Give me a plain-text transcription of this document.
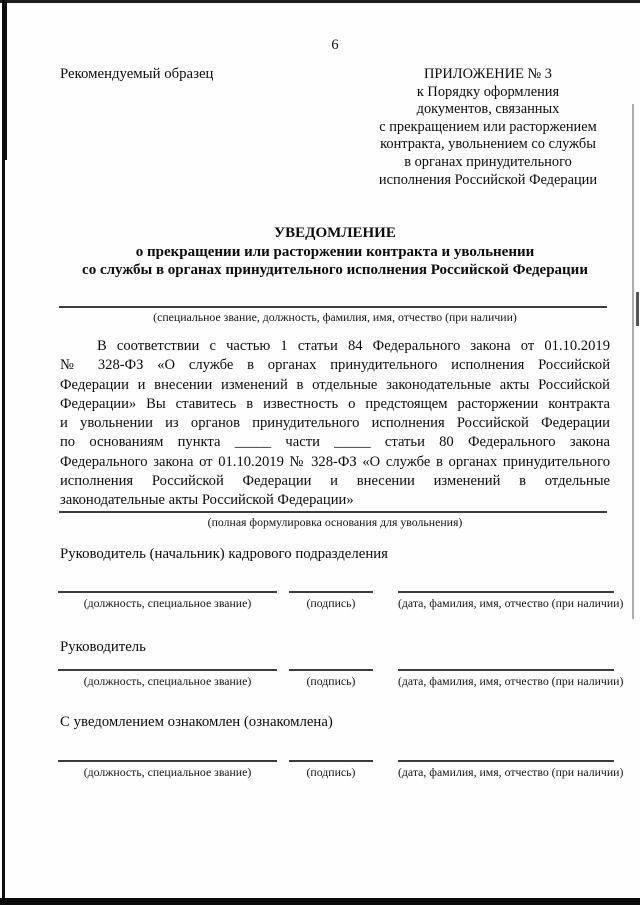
6
Рекомендуемый образец	ПРИЛОЖЕНИЕ № 3
к Порядку оформления
документов, связанных
с прекращением или расторжением
контракта, увольнением со службы
в органах принудительного
исполнения Российской Федерации
УВЕДОМЛЕНИЕ
о прекращении или расторжении контракта и увольнении
со службы в органах принудительного исполнения Российской Федерации
(специальное звание, должность, фамилия, имя, отчество (при наличии)
В соответствии с частью 1 статьи 84 Федерального закона от 01.10.2019
№ 328-ФЗ «О службе в органах принудительного исполнения Российской
Федерации и внесении изменений в отдельные законодательные акты Российской
Федерации» Вы ставитесь в известность о предстоящем расторжении контракта
и увольнении из органов принудительного исполнения Российской Федерации
по основаниям пункта _____ части _____ статьи 80 Федерального закона
Федерального закона от 01.10.2019 № 328-ФЗ «О службе в органах принудительного
исполнения Российской Федерации и внесении изменений в отдельные
законодательные акты Российской Федерации»
(полная формулировка основания для увольнения)
Руководитель (начальник) кадрового подразделения
(должность, специальное звание)	(подпись)	(дата, фамилия, имя, отчество (при наличии)
Руководитель
(должность, специальное звание)	(подпись)	(дата, фамилия, имя, отчество (при наличии)
С уведомлением ознакомлен (ознакомлена)
(должность, специальное звание)	(подпись)	(дата, фамилия, имя, отчество (при наличии)
